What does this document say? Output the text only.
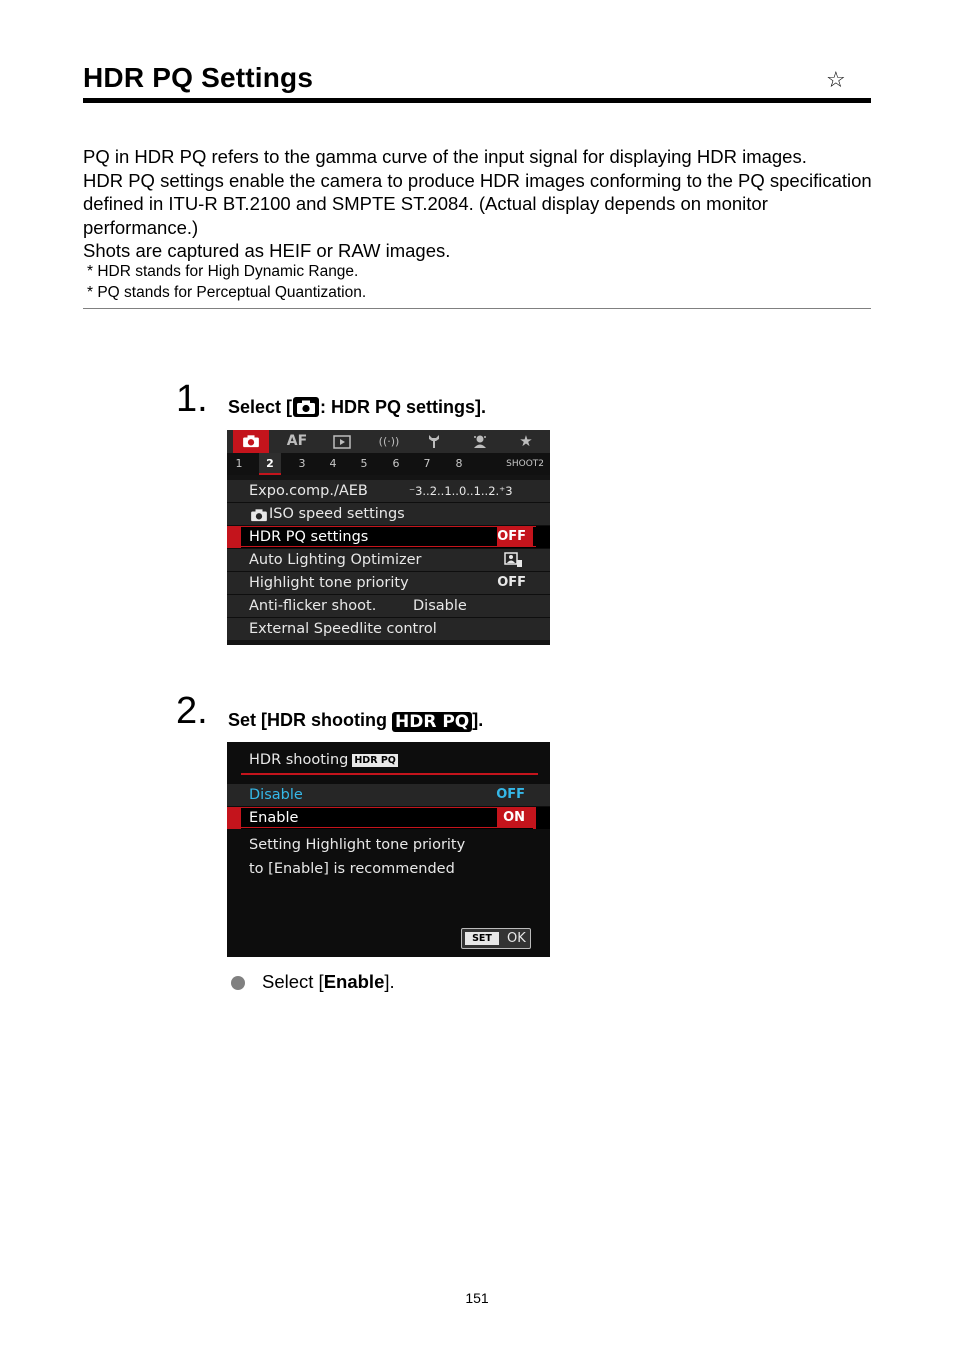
HDR PQ Settings	☆

PQ in HDR PQ refers to the gamma curve of the input signal for displaying HDR images.

HDR PQ settings enable the camera to produce HDR images conforming to the PQ specification defined in ITU-R BT.2100 and SMPTE ST.2084. (Actual display depends on monitor performance.)

Shots are captured as HEIF or RAW images.

* HDR stands for High Dynamic Range.
* PQ stands for Perceptual Quantization.
1. Select [ : HDR PQ settings].
AF	((·))	★
1	2	3	4	5	6	7	8	SHOOT2
Expo.comp./AEB	⁻3..2..1..0..1..2.⁺3
ISO speed settings
HDR PQ settings	OFF
Auto Lighting Optimizer
Highlight tone priority	OFF
Anti-flicker shoot.	Disable
External Speedlite control
2. Set [HDR shooting HDR PQ ].
HDR shooting HDR PQ
Disable	OFF
Enable	ON
Setting Highlight tone priority
to [Enable] is recommended
SET	OK
Select [Enable].
151
